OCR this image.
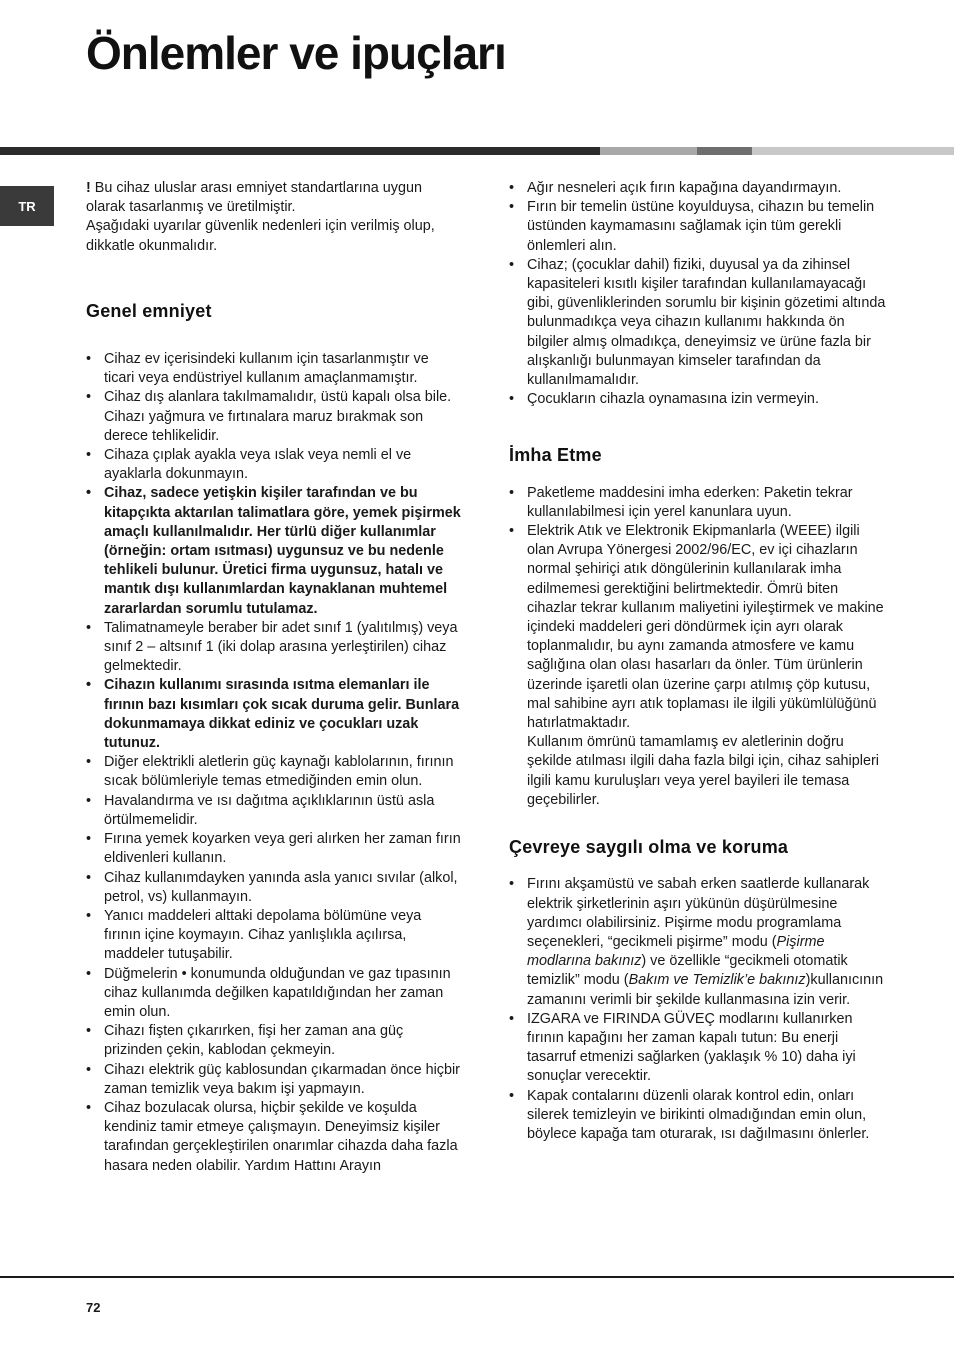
Önlemler ve ipuçları
TR

! Bu cihaz uluslar arası emniyet standartlarına uygun olarak tasarlanmış ve üretilmiştir.

Aşağıdaki uyarılar güvenlik nedenleri için verilmiş olup, dikkatle okunmalıdır.

Genel emniyet
• Cihaz ev içerisindeki kullanım için tasarlanmıştır ve ticari veya endüstriyel kullanım amaçlanmamıştır.
• Cihaz dış alanlara takılmamalıdır, üstü kapalı olsa bile. Cihazı yağmura ve fırtınalara maruz bırakmak son derece tehlikelidir.
• Cihaza çıplak ayakla veya ıslak veya nemli el ve ayaklarla dokunmayın.
• Cihaz, sadece yetişkin kişiler tarafından ve bu kitapçıkta aktarılan talimatlara göre, yemek pişirmek amaçlı kullanılmalıdır. Her türlü diğer kullanımlar (örneğin: ortam ısıtması) uygunsuz ve bu nedenle tehlikeli bulunur. Üretici firma uygunsuz, hatalı ve mantık dışı kullanımlardan kaynaklanan muhtemel zararlardan sorumlu tutulamaz.
• Talimatnameyle beraber bir adet sınıf 1 (yalıtılmış) veya sınıf 2 – altsınıf 1 (iki dolap arasına yerleştirilen) cihaz gelmektedir.
• Cihazın kullanımı sırasında ısıtma elemanları ile fırının bazı kısımları çok sıcak duruma gelir. Bunlara dokunmamaya dikkat ediniz ve çocukları uzak tutunuz.
• Diğer elektrikli aletlerin güç kaynağı kablolarının, fırının sıcak bölümleriyle temas etmediğinden emin olun.
• Havalandırma ve ısı dağıtma açıklıklarının üstü asla örtülmemelidir.
• Fırına yemek koyarken veya geri alırken her zaman fırın eldivenleri kullanın.
• Cihaz kullanımdayken yanında asla yanıcı sıvılar (alkol, petrol, vs) kullanmayın.
• Yanıcı maddeleri alttaki depolama bölümüne veya fırının içine koymayın. Cihaz yanlışlıkla açılırsa, maddeler tutuşabilir.
• Düğmelerin • konumunda olduğundan ve gaz tıpasının cihaz kullanımda değilken kapatıldığından her zaman emin olun.
• Cihazı fişten çıkarırken, fişi her zaman ana güç prizinden çekin, kablodan çekmeyin.
• Cihazı elektrik güç kablosundan çıkarmadan önce hiçbir zaman temizlik veya bakım işi yapmayın.
• Cihaz bozulacak olursa, hiçbir şekilde ve koşulda kendiniz tamir etmeye çalışmayın. Deneyimsiz kişiler tarafından gerçekleştirilen onarımlar cihazda daha fazla hasara neden olabilir. Yardım Hattını Arayın
• Ağır nesneleri açık fırın kapağına dayandırmayın.
• Fırın bir temelin üstüne koyulduysa, cihazın bu temelin üstünden kaymamasını sağlamak için tüm gerekli önlemleri alın.
• Cihaz; (çocuklar dahil) fiziki, duyusal ya da zihinsel kapasiteleri kısıtlı kişiler tarafından kullanılamayacağı gibi, güvenliklerinden sorumlu bir kişinin gözetimi altında bulunmadıkça veya cihazın kullanımı hakkında ön bilgiler almış olmadıkça, deneyimsiz ve ürüne fazla bir alışkanlığı bulunmayan kimseler tarafından da kullanılmamalıdır.
• Çocukların cihazla oynamasına izin vermeyin.
İmha Etme
• Paketleme maddesini imha ederken: Paketin tekrar kullanılabilmesi için yerel kanunlara uyun.
• Elektrik Atık ve Elektronik Ekipmanlarla (WEEE) ilgili olan Avrupa Yönergesi 2002/96/EC, ev içi cihazların normal şehiriçi atık döngülerinin kullanılarak imha edilmemesi gerektiğini belirtmektedir. Ömrü biten cihazlar tekrar kullanım maliyetini iyileştirmek ve makine içindeki maddeleri geri döndürmek için ayrı olarak toplanmalıdır, bu aynı zamanda atmosfere ve kamu sağlığına olan olası hasarları da önler. Tüm ürünlerin üzerinde işaretli olan üzerine çarpı atılmış çöp kutusu, mal sahibine ayrı atık toplaması ile ilgili yükümlülüğünü hatırlatmaktadır.
Kullanım ömrünü tamamlamış ev aletlerinin doğru şekilde atılması ilgili daha fazla bilgi için, cihaz sahipleri ilgili kamu kuruluşları veya yerel bayileri ile temasa geçebilirler.
Çevreye saygılı olma ve koruma
• Fırını akşamüstü ve sabah erken saatlerde kullanarak elektrik şirketlerinin aşırı yükünün düşürülmesine yardımcı olabilirsiniz. Pişirme modu programlama seçenekleri, “gecikmeli pişirme” modu (Pişirme modlarına bakınız) ve özellikle “gecikmeli otomatik temizlik” modu (Bakım ve Temizlik’e bakınız)kullanıcının zamanını verimli bir şekilde kullanmasına izin verir.
• IZGARA ve FIRINDA GÜVEÇ modlarını kullanırken fırının kapağını her zaman kapalı tutun: Bu enerji tasarruf etmenizi sağlarken (yaklaşık % 10) daha iyi sonuçlar verecektir.
• Kapak contalarını düzenli olarak kontrol edin, onları silerek temizleyin ve birikinti olmadığından emin olun, böylece kapağa tam oturarak, ısı dağılmasını önlerler.
72
